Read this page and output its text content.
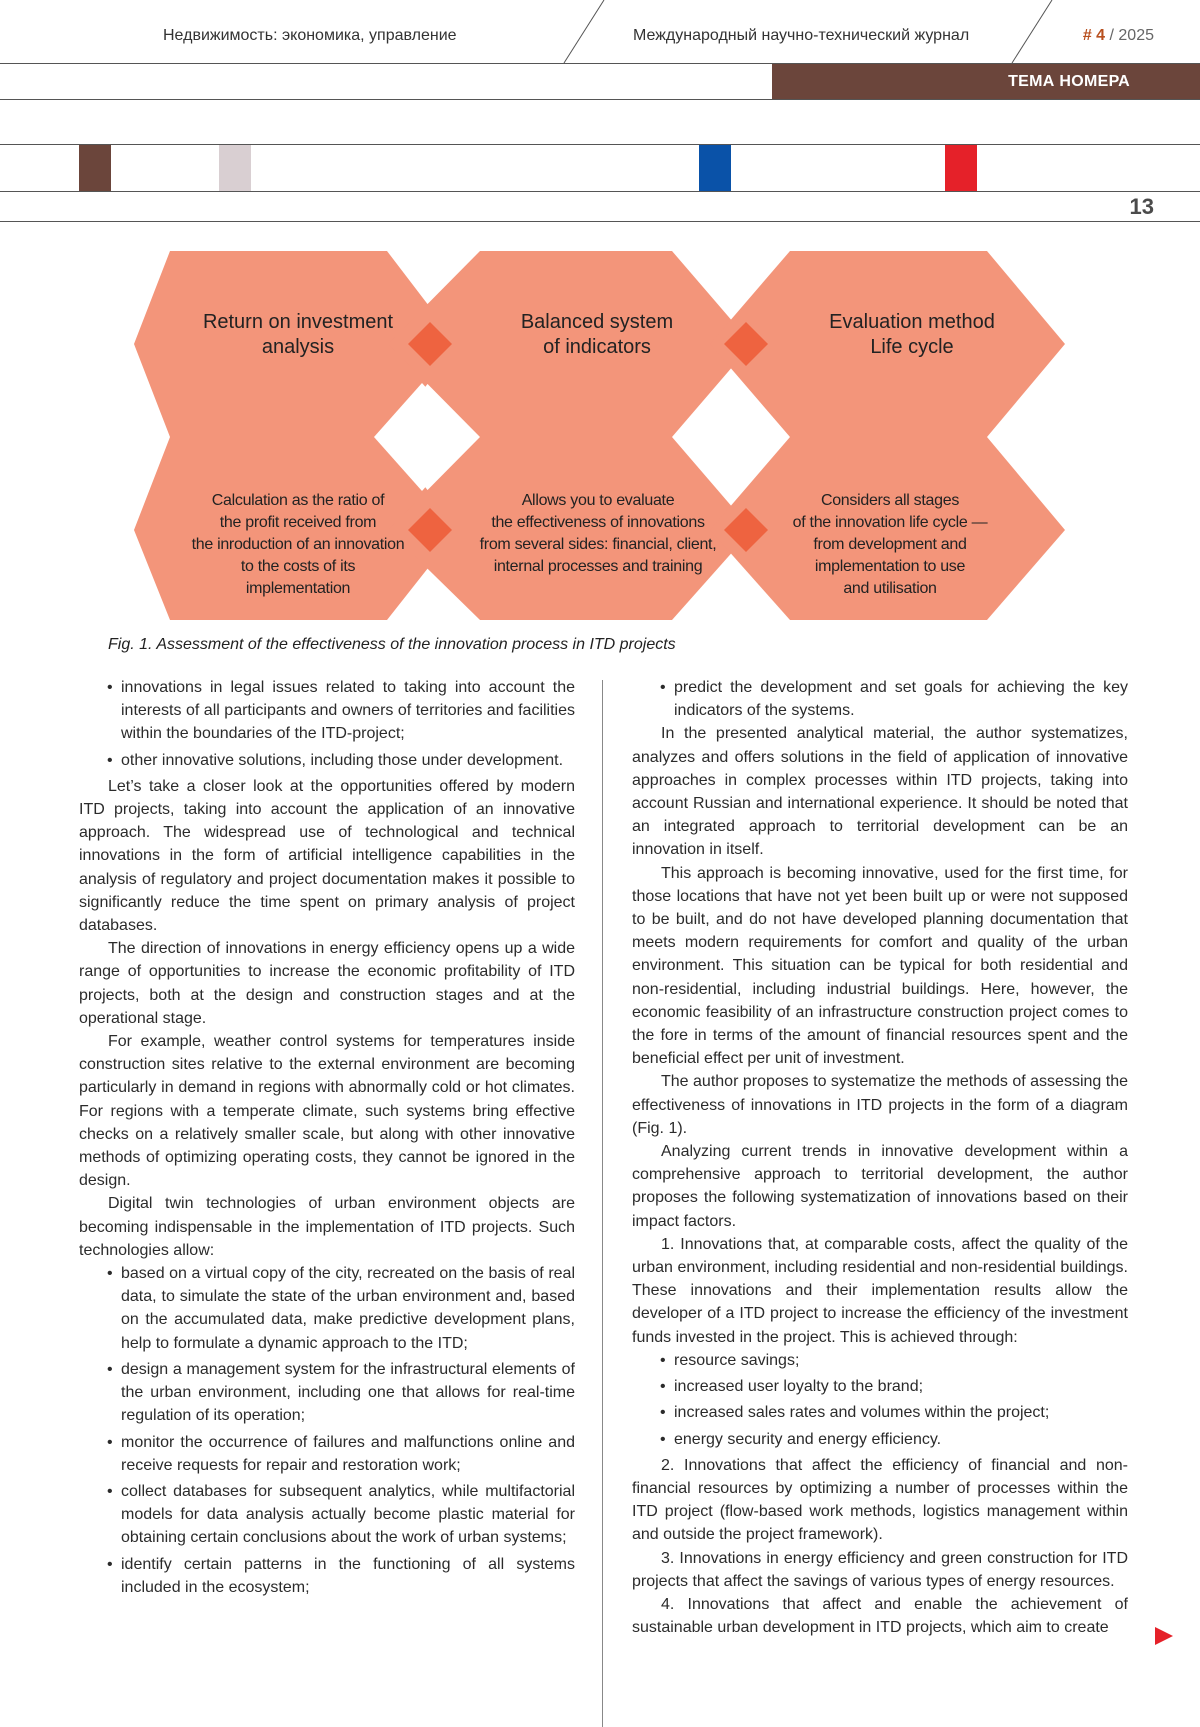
Недвижимость: экономика, управление	Международный научно-технический журнал	# 4 / 2025
ТЕМА НОМЕРА
13
Return on investment
analysis
Balanced system
of indicators
Evaluation method
Life cycle
Calculation as the ratio of
the profit received from
the inroduction of an innovation
to the costs of its
implementation
Allows you to evaluate
the effectiveness of innovations
from several sides: financial, client,
internal processes and training
Considers all stages
of the innovation life cycle —
from development and
implementation to use
and utilisation
Fig. 1. Assessment of the effectiveness of the innovation process in ITD projects
• innovations in legal issues related to taking into account the interests of all participants and owners of territories and facilities within the boundaries of the ITD-project;
• other innovative solutions, including those under development.

Let’s take a closer look at the opportunities offered by modern ITD projects, taking into account the application of an innovative approach. The widespread use of technological and technical innovations in the form of artificial intelligence capabilities in the analysis of regulatory and project documentation makes it possible to significantly reduce the time spent on primary analysis of project databases.

The direction of innovations in energy efficiency opens up a wide range of opportunities to increase the economic profitability of ITD projects, both at the design and construction stages and at the operational stage.

For example, weather control systems for temperatures inside construction sites relative to the external environment are becoming particularly in demand in regions with abnormally cold or hot climates. For regions with a temperate climate, such systems bring effective checks on a relatively smaller scale, but along with other innovative methods of optimizing operating costs, they cannot be ignored in the design.

Digital twin technologies of urban environment objects are becoming indispensable in the implementation of ITD projects. Such technologies allow:

• based on a virtual copy of the city, recreated on the basis of real data, to simulate the state of the urban environment and, based on the accumulated data, make predictive development plans, help to formulate a dynamic approach to the ITD;
• design a management system for the infrastructural elements of the urban environment, including one that allows for real-time regulation of its operation;
• monitor the occurrence of failures and malfunctions online and receive requests for repair and restoration work;
• collect databases for subsequent analytics, while multifactorial models for data analysis actually become plastic material for obtaining certain conclusions about the work of urban systems;
• identify certain patterns in the functioning of all systems included in the ecosystem;
• predict the development and set goals for achieving the key indicators of the systems.

In the presented analytical material, the author systematizes, analyzes and offers solutions in the field of application of innovative approaches in complex processes within ITD projects, taking into account Russian and international experience. It should be noted that an integrated approach to territorial development can be an innovation in itself.

This approach is becoming innovative, used for the first time, for those locations that have not yet been built up or were not supposed to be built, and do not have developed planning documentation that meets modern requirements for comfort and quality of the urban environment. This situation can be typical for both residential and non-residential, including industrial buildings. Here, however, the economic feasibility of an infrastructure construction project comes to the fore in terms of the amount of financial resources spent and the beneficial effect per unit of investment.

The author proposes to systematize the methods of assessing the effectiveness of innovations in ITD projects in the form of a diagram (Fig. 1).

Analyzing current trends in innovative development within a comprehensive approach to territorial development, the author proposes the following systematization of innovations based on their impact factors.

1. Innovations that, at comparable costs, affect the quality of the urban environment, including residential and non-residential buildings. These innovations and their implementation results allow the developer of a ITD project to increase the efficiency of the investment funds invested in the project. This is achieved through:

• resource savings;
• increased user loyalty to the brand;
• increased sales rates and volumes within the project;
• energy security and energy efficiency.

2. Innovations that affect the efficiency of financial and non-financial resources by optimizing a number of processes within the ITD project (flow-based work methods, logistics management within and outside the project framework).

3. Innovations in energy efficiency and green construction for ITD projects that affect the savings of various types of energy resources.

4. Innovations that affect and enable the achievement of sustainable urban development in ITD projects, which aim to create
